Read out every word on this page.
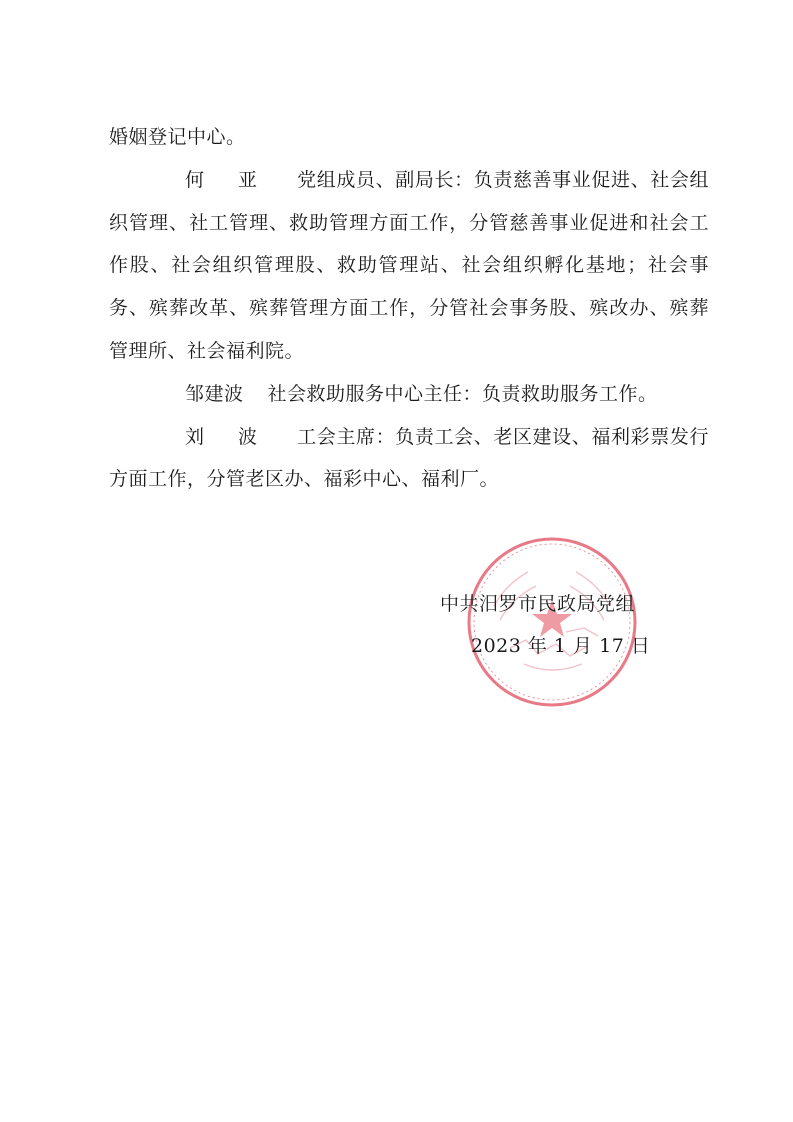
婚姻登记中心。

何 亚 党组成员、副局长：负责慈善事业促进、社会组织管理、社工管理、救助管理方面工作，分管慈善事业促进和社会工作股、社会组织管理股、救助管理站、社会组织孵化基地；社会事务、殡葬改革、殡葬管理方面工作，分管社会事务股、殡改办、殡葬管理所、社会福利院。

邹建波 社会救助服务中心主任：负责救助服务工作。

刘 波 工会主席：负责工会、老区建设、福利彩票发行方面工作，分管老区办、福彩中心、福利厂。

中共汨罗市民政局党组
2023 年 1 月 17 日
